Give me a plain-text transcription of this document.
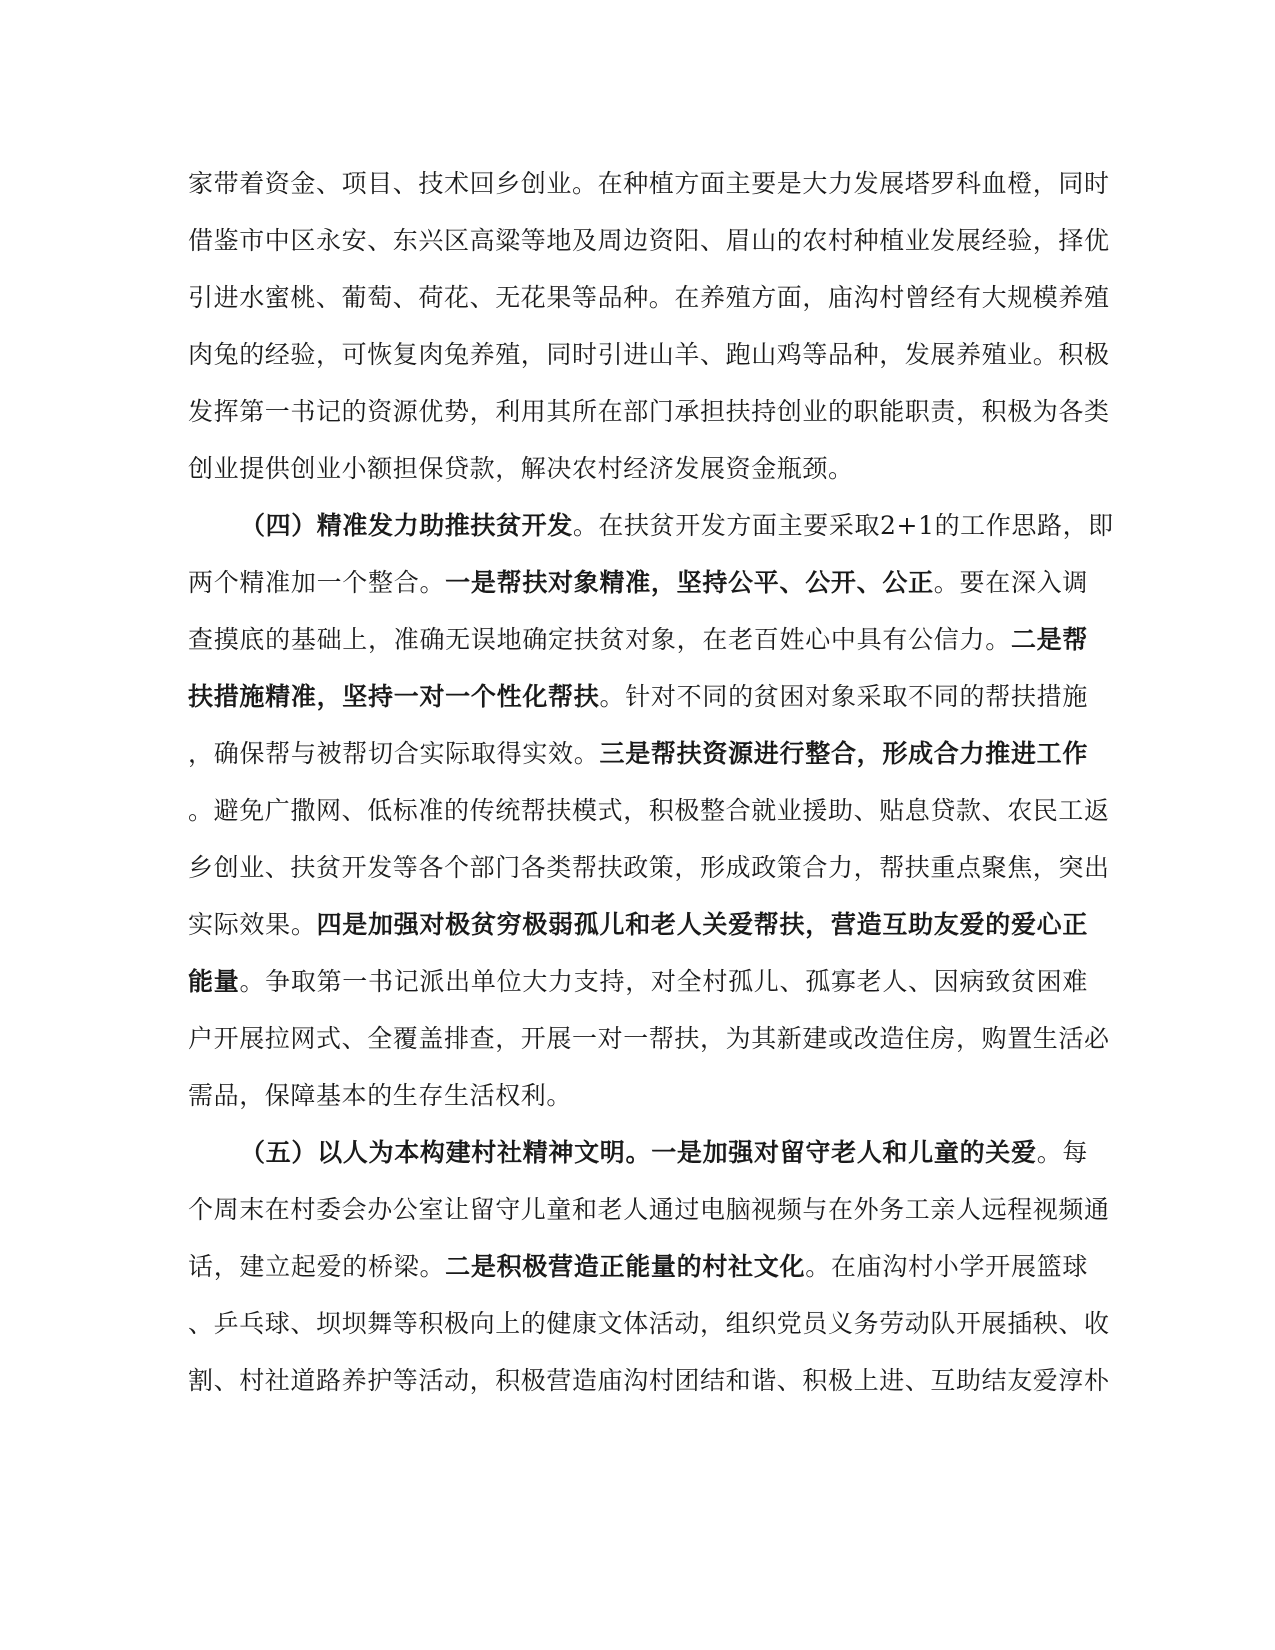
家带着资金、项目、技术回乡创业。在种植方面主要是大力发展塔罗科血橙，同时
借鉴市中区永安、东兴区高粱等地及周边资阳、眉山的农村种植业发展经验，择优
引进水蜜桃、葡萄、荷花、无花果等品种。在养殖方面，庙沟村曾经有大规模养殖
肉兔的经验，可恢复肉兔养殖，同时引进山羊、跑山鸡等品种，发展养殖业。积极
发挥第一书记的资源优势，利用其所在部门承担扶持创业的职能职责，积极为各类
创业提供创业小额担保贷款，解决农村经济发展资金瓶颈。
（四）精准发力助推扶贫开发。在扶贫开发方面主要采取2+1的工作思路，即
两个精准加一个整合。一是帮扶对象精准，坚持公平、公开、公正。要在深入调
查摸底的基础上，准确无误地确定扶贫对象，在老百姓心中具有公信力。二是帮
扶措施精准，坚持一对一个性化帮扶。针对不同的贫困对象采取不同的帮扶措施
，确保帮与被帮切合实际取得实效。三是帮扶资源进行整合，形成合力推进工作
。避免广撒网、低标准的传统帮扶模式，积极整合就业援助、贴息贷款、农民工返
乡创业、扶贫开发等各个部门各类帮扶政策，形成政策合力，帮扶重点聚焦，突出
实际效果。四是加强对极贫穷极弱孤儿和老人关爱帮扶，营造互助友爱的爱心正
能量。争取第一书记派出单位大力支持，对全村孤儿、孤寡老人、因病致贫困难
户开展拉网式、全覆盖排查，开展一对一帮扶，为其新建或改造住房，购置生活必
需品，保障基本的生存生活权利。
（五）以人为本构建村社精神文明。一是加强对留守老人和儿童的关爱。每
个周末在村委会办公室让留守儿童和老人通过电脑视频与在外务工亲人远程视频通
话，建立起爱的桥梁。二是积极营造正能量的村社文化。在庙沟村小学开展篮球
、乒乓球、坝坝舞等积极向上的健康文体活动，组织党员义务劳动队开展插秧、收
割、村社道路养护等活动，积极营造庙沟村团结和谐、积极上进、互助结友爱淳朴
